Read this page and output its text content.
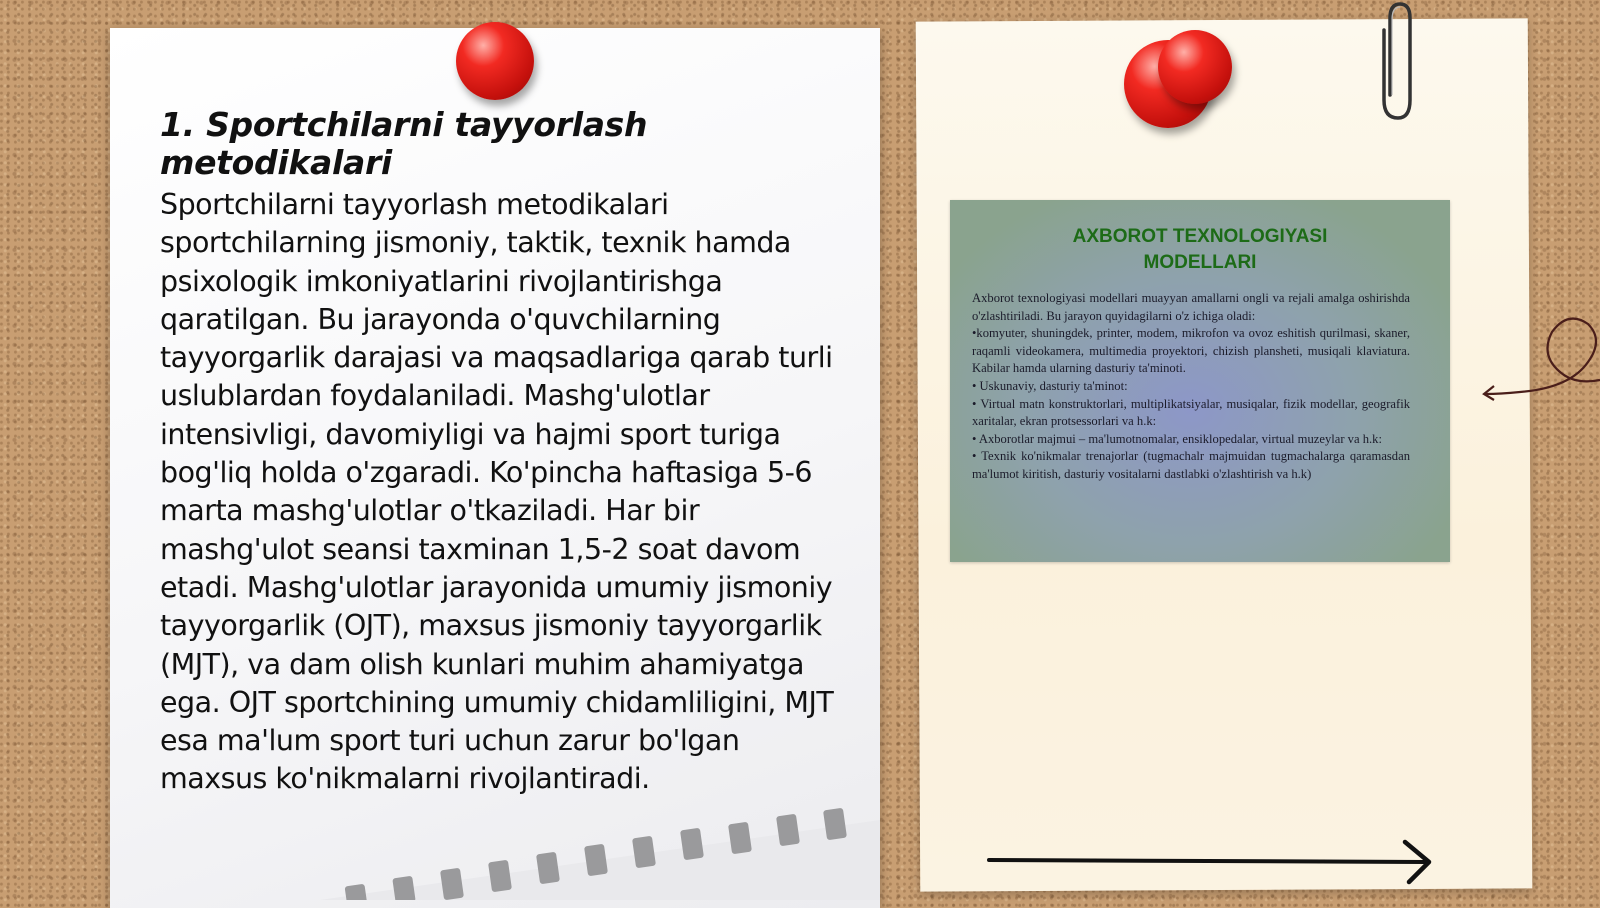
1. Sportchilarni tayyorlash metodikalari

Sportchilarni tayyorlash metodikalari sportchilarning jismoniy, taktik, texnik hamda psixologik imkoniyatlarini rivojlantirishga qaratilgan. Bu jarayonda o'quvchilarning tayyorgarlik darajasi va maqsadlariga qarab turli uslublardan foydalaniladi. Mashg'ulotlar intensivligi, davomiyligi va hajmi sport turiga bog'liq holda o'zgaradi. Ko'pincha haftasiga 5-6 marta mashg'ulotlar o'tkaziladi. Har bir mashg'ulot seansi taxminan 1,5-2 soat davom etadi. Mashg'ulotlar jarayonida umumiy jismoniy tayyorgarlik (OJT), maxsus jismoniy tayyorgarlik (MJT), va dam olish kunlari muhim ahamiyatga ega. OJT sportchining umumiy chidamliligini, MJT esa ma'lum sport turi uchun zarur bo'lgan maxsus ko'nikmalarni rivojlantiradi.

AXBOROT TEXNOLOGIYASI
MODELLARI

Axborot texnologiyasi modellari muayyan amallarni ongli va rejali amalga oshirishda o'zlashtiriladi. Bu jarayon quyidagilarni o'z ichiga oladi:

•komyuter, shuningdek, printer, modem, mikrofon va ovoz eshitish qurilmasi, skaner, raqamli videokamera, multimedia proyektori, chizish planshetі, musiqali klaviatura. Kabilar hamda ularning dasturiy ta'minoti.

• Uskunaviy, dasturiy ta'minot:

• Virtual matn konstruktorlari, multiplikatsiyalar, musiqalar, fizik modellar, geografik xaritalar, ekran protsessorlari va h.k:

• Axborotlar majmui – ma'lumotnomalar, ensiklopedalar, virtual muzeylar va h.k:

• Texnik ko'nikmalar trenajorlar (tugmachalr majmuidan tugmachalarga qaramasdan ma'lumot kiritish, dasturiy vositalarni dastlabki o'zlashtirish va h.k)
